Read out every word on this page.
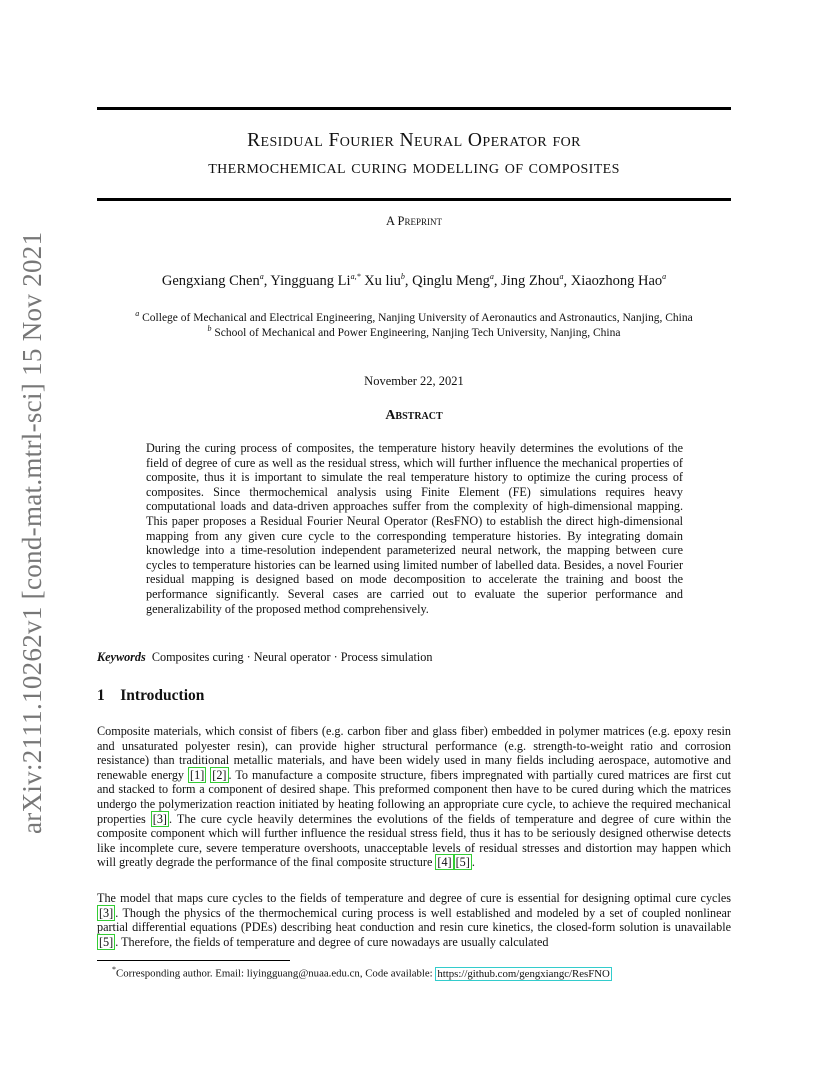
arXiv:2111.10262v1 [cond-mat.mtrl-sci] 15 Nov 2021
Residual Fourier Neural Operator for
thermochemical curing modelling of composites
A Preprint
Gengxiang Chen$^a$, Yingguang $Li^{a,*}$ Xu liu$^b$, Qinglu Meng$^a$, Jing Zhou$^a$, Xiaozhong Hao$^a$
$^a$ College of Mechanical and Electrical Engineering, Nanjing University of Aeronautics and Astronautics, Nanjing, China
$^b$ School of Mechanical and Power Engineering, Nanjing Tech University, Nanjing, China
November 22, 2021
Abstract
During the curing process of composites, the temperature history heavily determines the evolutions of the field of degree of cure as well as the residual stress, which will further influence the mechanical properties of composite, thus it is important to simulate the real temperature history to optimize the curing process of composites. Since thermochemical analysis using Finite Element (FE) simulations requires heavy computational loads and data-driven approaches suffer from the complexity of high-dimensional mapping. This paper proposes a Residual Fourier Neural Operator (ResFNO) to establish the direct high-dimensional mapping from any given cure cycle to the corresponding temperature histories. By integrating domain knowledge into a time-resolution independent parameterized neural network, the mapping between cure cycles to temperature histories can be learned using limited number of labelled data. Besides, a novel Fourier residual mapping is designed based on mode decomposition to accelerate the training and boost the performance significantly. Several cases are carried out to evaluate the superior performance and generalizability of the proposed method comprehensively.
Keywords Composites curing · Neural operator · Process simulation
1 Introduction
Composite materials, which consist of fibers (e.g. carbon fiber and glass fiber) embedded in polymer matrices (e.g. epoxy resin and unsaturated polyester resin), can provide higher structural performance (e.g. strength-to-weight ratio and corrosion resistance) than traditional metallic materials, and have been widely used in many fields including aerospace, automotive and renewable energy [1] [2] . To manufacture a composite structure, fibers impregnated with partially cured matrices are first cut and stacked to form a component of desired shape. This preformed component then have to be cured during which the matrices undergo the polymerization reaction initiated by heating following an appropriate cure cycle, to achieve the required mechanical properties [3] . The cure cycle heavily determines the evolutions of the fields of temperature and degree of cure within the composite component which will further influence the residual stress field, thus it has to be seriously designed otherwise detects like incomplete cure, severe temperature overshoots, unacceptable levels of residual stresses and distortion may happen which will greatly degrade the performance of the final composite structure [4] [5] .
The model that maps cure cycles to the fields of temperature and degree of cure is essential for designing optimal cure cycles [3] . Though the physics of the thermochemical curing process is well established and modeled by a set of coupled nonlinear partial differential equations (PDEs) describing heat conduction and resin cure kinetics, the closed-form solution is unavailable [5] . Therefore, the fields of temperature and degree of cure nowadays are usually calculated
*Corresponding author. Email: liyingguang@nuaa.edu.cn, Code available: https://github.com/gengxiangc/ResFNO
